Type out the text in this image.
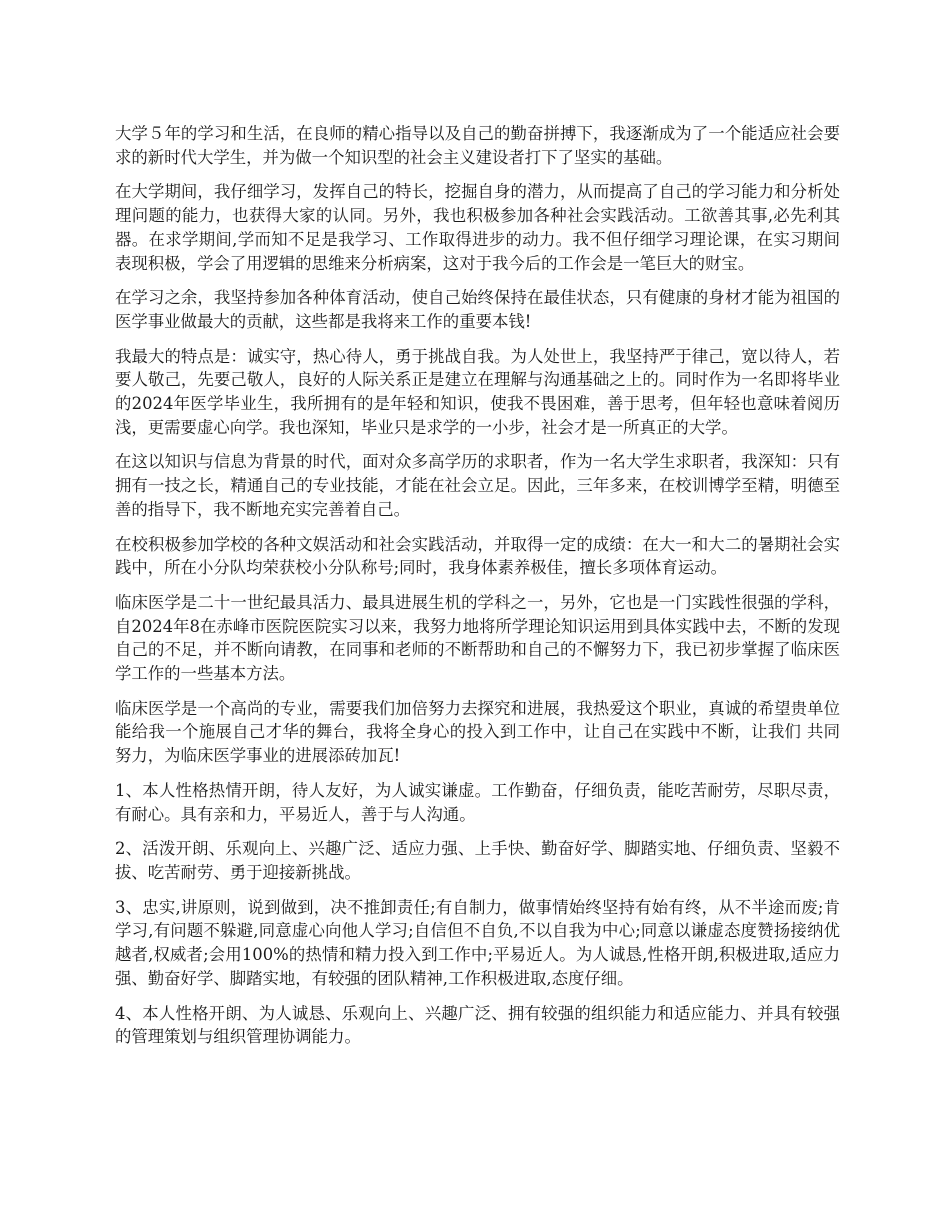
大学５年的学习和生活，在良师的精心指导以及自己的勤奋拼搏下，我逐渐成为了一个能适应社会要求的新时代大学生，并为做一个知识型的社会主义建设者打下了坚实的基础。

在大学期间，我仔细学习，发挥自己的特长，挖掘自身的潜力，从而提高了自己的学习能力和分析处理问题的能力，也获得大家的认同。另外，我也积极参加各种社会实践活动。工欲善其事,必先利其器。在求学期间,学而知不足是我学习、工作取得进步的动力。我不但仔细学习理论课，在实习期间表现积极，学会了用逻辑的思维来分析病案，这对于我今后的工作会是一笔巨大的财宝。

在学习之余，我坚持参加各种体育活动，使自己始终保持在最佳状态，只有健康的身材才能为祖国的医学事业做最大的贡献，这些都是我将来工作的重要本钱!

我最大的特点是：诚实守，热心待人，勇于挑战自我。为人处世上，我坚持严于律己，宽以待人，若要人敬己，先要己敬人，良好的人际关系正是建立在理解与沟通基础之上的。同时作为一名即将毕业的2024年医学毕业生，我所拥有的是年轻和知识，使我不畏困难，善于思考，但年轻也意味着阅历浅，更需要虚心向学。我也深知，毕业只是求学的一小步，社会才是一所真正的大学。

在这以知识与信息为背景的时代，面对众多高学历的求职者，作为一名大学生求职者，我深知：只有拥有一技之长，精通自己的专业技能，才能在社会立足。因此，三年多来，在校训博学至精，明德至善的指导下，我不断地充实完善着自己。

在校积极参加学校的各种文娱活动和社会实践活动，并取得一定的成绩：在大一和大二的暑期社会实践中，所在小分队均荣获校小分队称号;同时，我身体素养极佳，擅长多项体育运动。

临床医学是二十一世纪最具活力、最具进展生机的学科之一，另外，它也是一门实践性很强的学科，自2024年8在赤峰市医院医院实习以来，我努力地将所学理论知识运用到具体实践中去，不断的发现自己的不足，并不断向请教，在同事和老师的不断帮助和自己的不懈努力下，我已初步掌握了临床医学工作的一些基本方法。

临床医学是一个高尚的专业，需要我们加倍努力去探究和进展，我热爱这个职业，真诚的希望贵单位能给我一个施展自己才华的舞台，我将全身心的投入到工作中，让自己在实践中不断，让我们 共同努力，为临床医学事业的进展添砖加瓦!

1、本人性格热情开朗，待人友好，为人诚实谦虚。工作勤奋，仔细负责，能吃苦耐劳，尽职尽责，有耐心。具有亲和力，平易近人，善于与人沟通。

2、活泼开朗、乐观向上、兴趣广泛、适应力强、上手快、勤奋好学、脚踏实地、仔细负责、坚毅不拔、吃苦耐劳、勇于迎接新挑战。

3、忠实,讲原则，说到做到，决不推卸责任;有自制力，做事情始终坚持有始有终，从不半途而废;肯学习,有问题不躲避,同意虚心向他人学习;自信但不自负,不以自我为中心;同意以谦虚态度赞扬接纳优越者,权威者;会用100%的热情和精力投入到工作中;平易近人。为人诚恳,性格开朗,积极进取,适应力强、勤奋好学、脚踏实地，有较强的团队精神,工作积极进取,态度仔细。

4、本人性格开朗、为人诚恳、乐观向上、兴趣广泛、拥有较强的组织能力和适应能力、并具有较强的管理策划与组织管理协调能力。
